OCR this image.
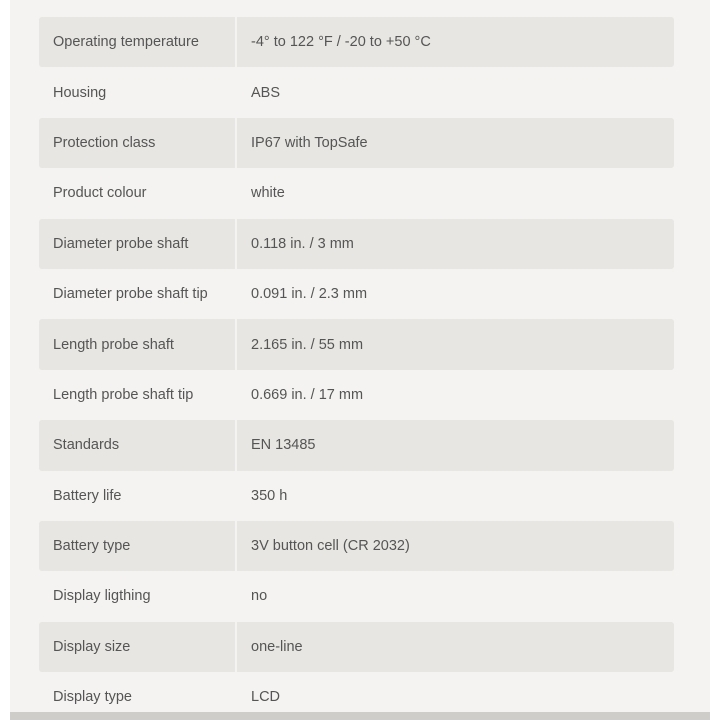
Operating temperature	-4° to 122 °F / -20 to +50 °C
Housing	ABS
Protection class	IP67 with TopSafe
Product colour	white
Diameter probe shaft	0.118 in. / 3 mm
Diameter probe shaft tip	0.091 in. / 2.3 mm
Length probe shaft	2.165 in. / 55 mm
Length probe shaft tip	0.669 in. / 17 mm
Standards	EN 13485
Battery life	350 h
Battery type	3V button cell (CR 2032)
Display ligthing	no
Display size	one-line
Display type	LCD
